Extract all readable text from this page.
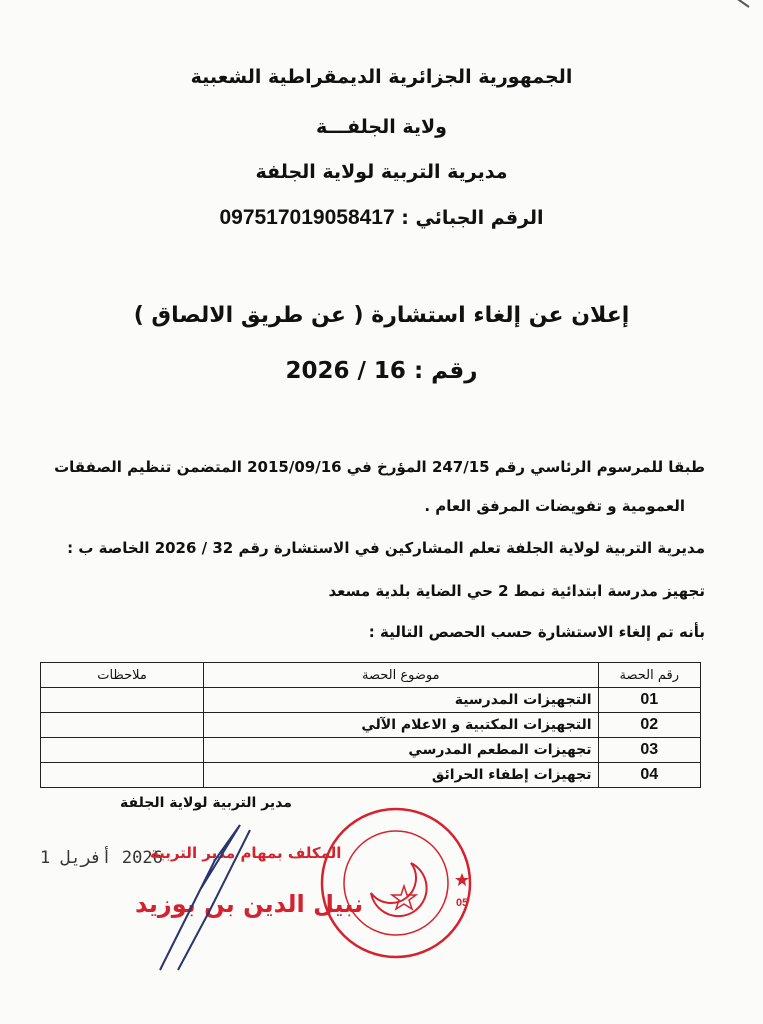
الجمهورية الجزائرية الديمقراطية الشعبية
ولاية الجلفـــة
مديرية التربية لولاية الجلفة
الرقم الجبائي : 097517019058417
إعلان عن إلغاء استشارة ( عن طريق الالصاق )
رقم : 16 / 2026
طبقا للمرسوم الرئاسي رقم 247/15 المؤرخ في 2015/09/16 المتضمن تنظيم الصفقات
العمومية و تفويضات المرفق العام .
مديرية التربية لولاية الجلفة تعلم المشاركين في الاستشارة رقم 32 / 2026 الخاصة ب :
تجهيز مدرسة ابتدائية نمط 2 حي الضاية بلدية مسعد
بأنه تم إلغاء الاستشارة حسب الحصص التالية :
رقم الحصة	موضوع الحصة	ملاحظات
01	التجهيزات المدرسية	
02	التجهيزات المكتبية و الاعلام الآلي	
03	تجهيزات المطعم المدرسي	
04	تجهيزات إطفاء الحرائق	
مدير التربية لولاية الجلفة
2026 أفريل 1
المكلف بمهام مدير التربية
نبيل الدين بن بوزيد	05
